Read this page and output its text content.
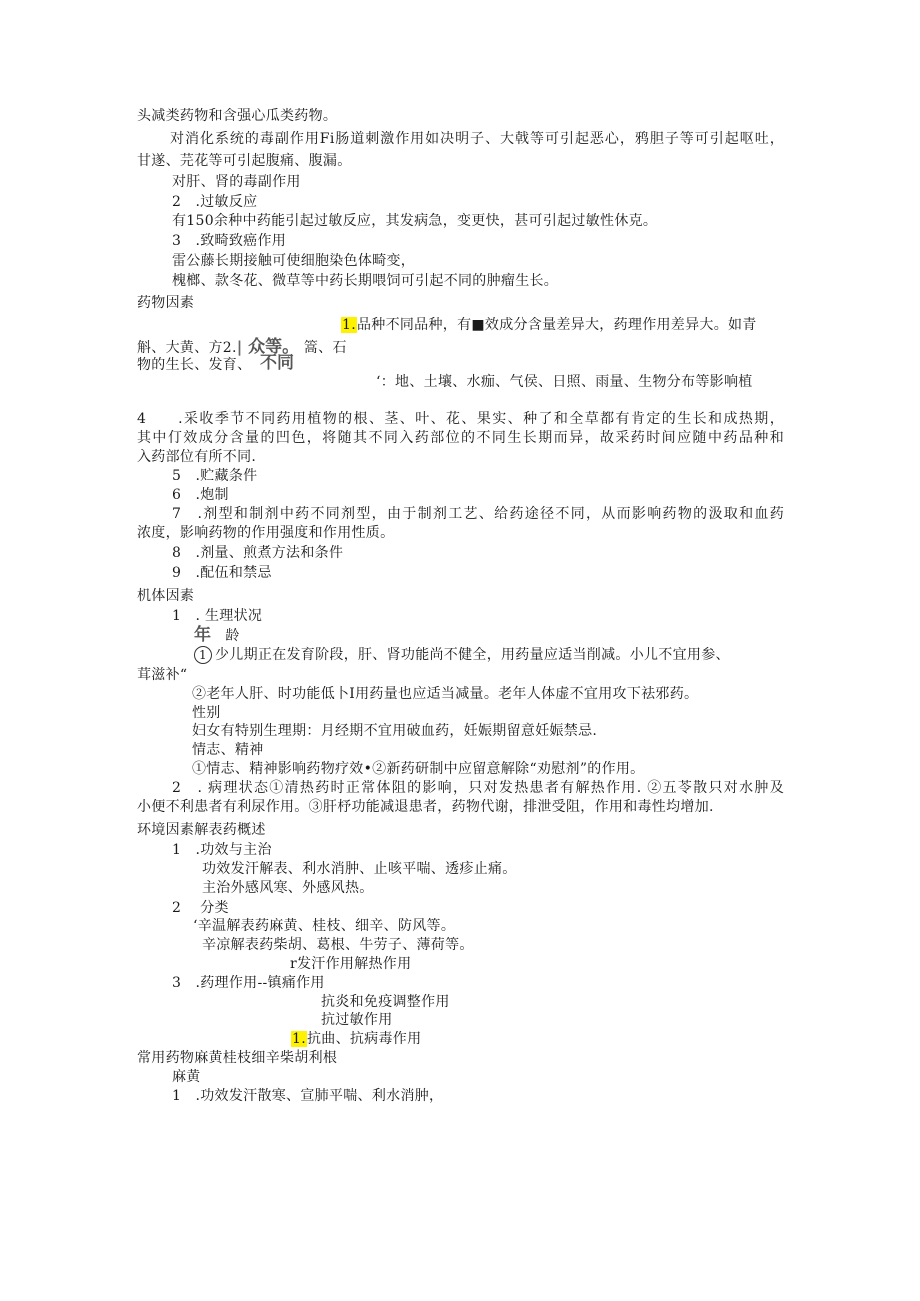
头减类药物和含强心瓜类药物。
对消化系统的毒副作用Fi肠道刺激作用如决明子、大戟等可引起恶心，鸦胆子等可引起呕吐，
甘遂、芫花等可引起腹痛、腹漏。
对肝、肾的毒副作用
2　.过敏反应
有150余种中药能引起过敏反应，其发病急，变更快，甚可引起过敏性休克。
3　.致畸致癌作用
雷公藤长期接触可使细胞染色体畸变，
槐榔、款冬花、微草等中药长期喂饲可引起不同的肿瘤生长。
药物因素
1.品种不同品种，有■效成分含量差异大，药理作用差异大。如青
斛、大黄、方2.| 众等。 篙、石
物的生长、发育、 不同
‘：地、土壤、水痂、气侯、日照、雨量、生物分布等影响植
4　　.采收季节不同药用植物的根、茎、叶、花、果实、种了和全草都有肯定的生长和成热期，
其中仃效成分含量的凹色，将随其不同入药部位的不同生长期而异，故采药时间应随中药品种和
入药部位有所不同.
5　.贮藏条件
6　.炮制
7　.剂型和制剂中药不同剂型，由于制剂工艺、给药途径不同，从而影响药物的汲取和血药
浓度，影响药物的作用强度和作用性质。
8　.剂量、煎煮方法和条件
9　.配伍和禁忌
机体因素
1　. 生理状况
年　 龄
1 少儿期正在发育阶段，肝、肾功能尚不健全，用药量应适当削减。小儿不宜用参、
茸滋补“
②老年人肝、时功能低卜I用药量也应适当减量。老年人体虚不宜用攻下祛邪药。
性别
妇女有特别生理期：月经期不宜用破血药，妊娠期留意妊娠禁忌.
情志、精神
①情志、精神影响药物疗效•②新药研制中应留意解除“劝慰剂”的作用。
2　. 病理状态①清热药时正常体阻的影响，只对发热患者有解热作用. ②五苓散只对水肿及
小便不利患者有利尿作用。③肝杼功能减退患者，药物代谢，排泄受阻，作用和毒性均增加.
环境因素解表药概述
1　.功效与主治
功效发汗解表、利水消肿、止咳平喘、透疹止痛。
主治外感风寒、外感风热。
2　 分类
‘辛温解表药麻黄、桂枝、细辛、防风等。
辛凉解表药柴胡、葛根、牛劳子、薄荷等。
r发汗作用解热作用
3　.药理作用--镇痛作用
抗炎和免疫调整作用
抗过敏作用
1.抗曲、抗病毒作用
常用药物麻黄桂枝细辛柴胡利根
麻黄
1　.功效发汗散寒、宣肺平喘、利水消肿，
